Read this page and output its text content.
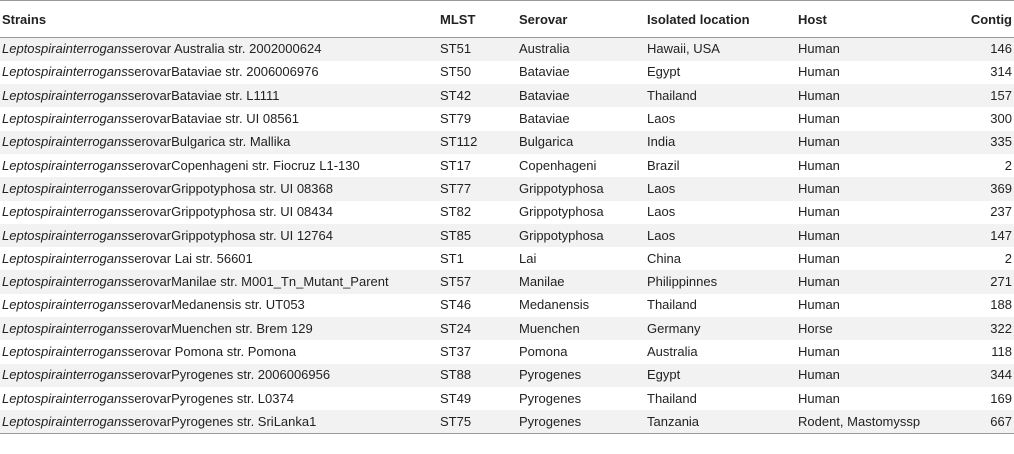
Strains	MLST	Serovar	Isolated location	Host	Contig
Leptospirainterrogansserovar Australia str. 2002000624	ST51	Australia	Hawaii, USA	Human	146
LeptospirainterrogansserovarBataviae str. 2006006976	ST50	Bataviae	Egypt	Human	314
LeptospirainterrogansserovarBataviae str. L1111	ST42	Bataviae	Thailand	Human	157
LeptospirainterrogansserovarBataviae str. UI 08561	ST79	Bataviae	Laos	Human	300
LeptospirainterrogansserovarBulgarica str. Mallika	ST112	Bulgarica	India	Human	335
LeptospirainterrogansserovarCopenhageni str. Fiocruz L1-130	ST17	Copenhageni	Brazil	Human	2
LeptospirainterrogansserovarGrippotyphosa str. UI 08368	ST77	Grippotyphosa	Laos	Human	369
LeptospirainterrogansserovarGrippotyphosa str. UI 08434	ST82	Grippotyphosa	Laos	Human	237
LeptospirainterrogansserovarGrippotyphosa str. UI 12764	ST85	Grippotyphosa	Laos	Human	147
Leptospirainterrogansserovar Lai str. 56601	ST1	Lai	China	Human	2
LeptospirainterrogansserovarManilae str. M001_Tn_Mutant_Parent	ST57	Manilae	Philippinnes	Human	271
LeptospirainterrogansserovarMedanensis str. UT053	ST46	Medanensis	Thailand	Human	188
LeptospirainterrogansserovarMuenchen str. Brem 129	ST24	Muenchen	Germany	Horse	322
Leptospirainterrogansserovar Pomona str. Pomona	ST37	Pomona	Australia	Human	118
LeptospirainterrogansserovarPyrogenes str. 2006006956	ST88	Pyrogenes	Egypt	Human	344
LeptospirainterrogansserovarPyrogenes str. L0374	ST49	Pyrogenes	Thailand	Human	169
LeptospirainterrogansserovarPyrogenes str. SriLanka1	ST75	Pyrogenes	Tanzania	Rodent, Mastomyssp	667
